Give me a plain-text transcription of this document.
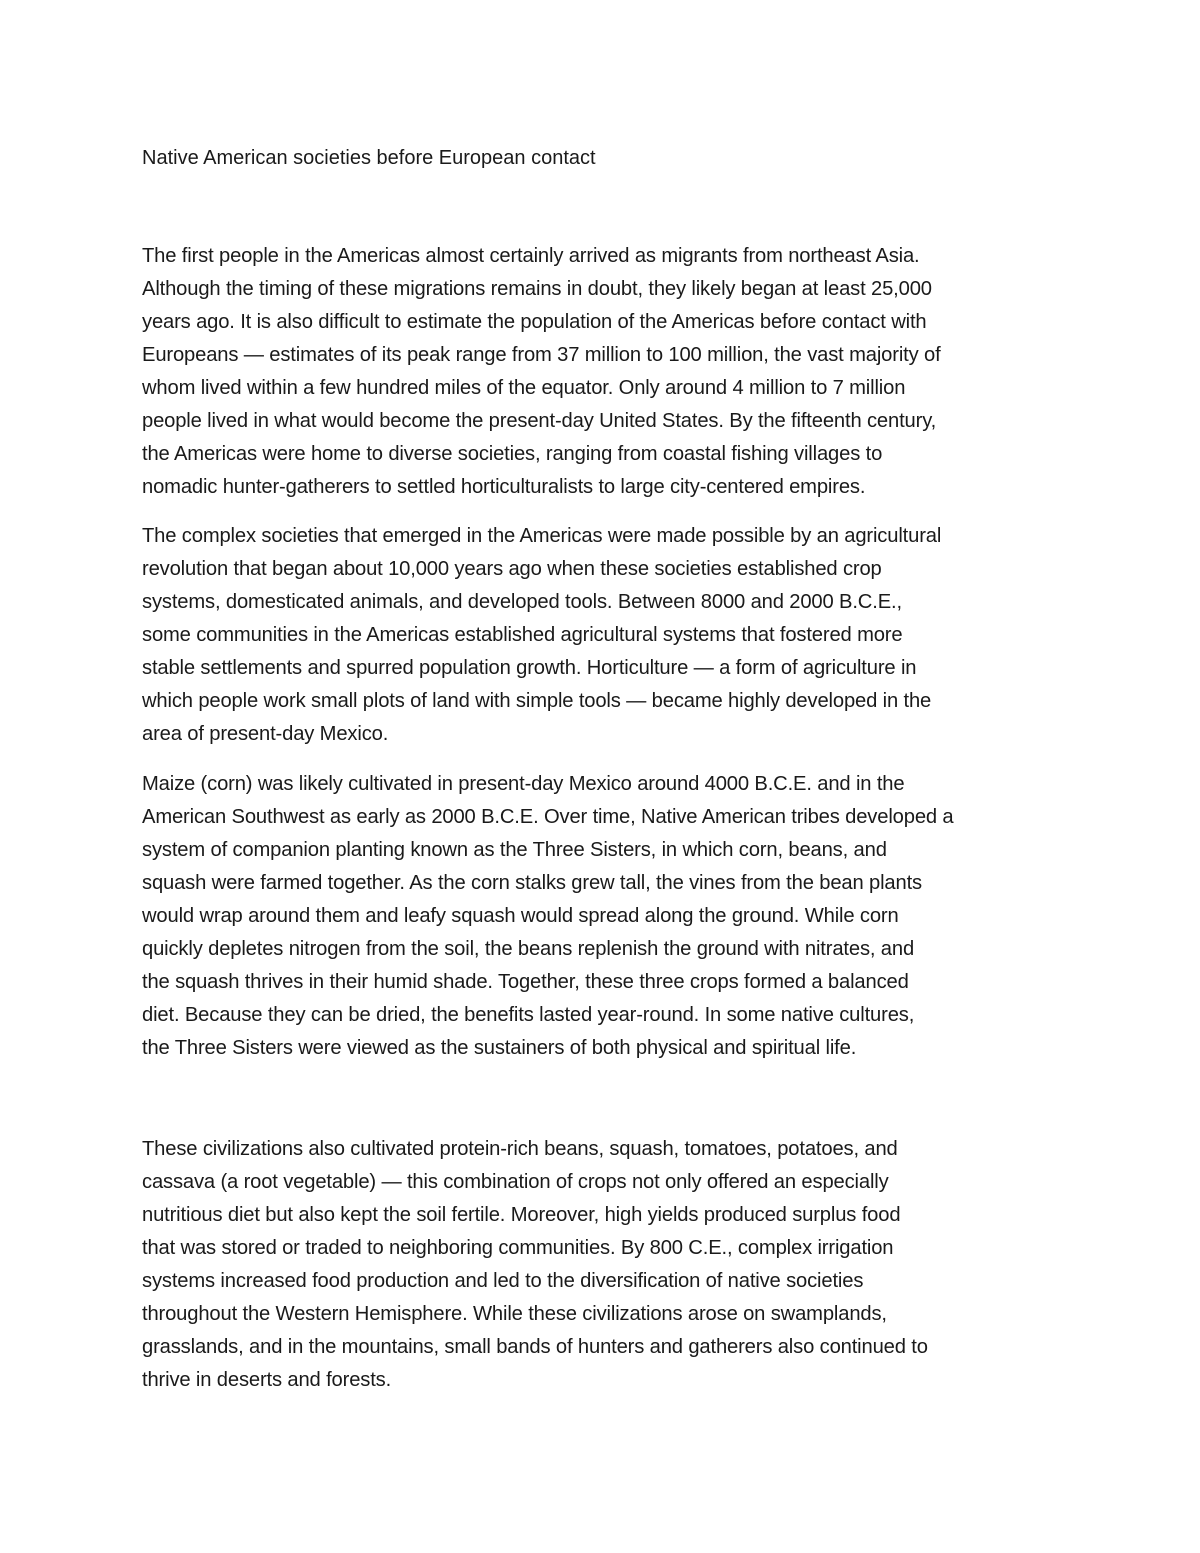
Native American societies before European contact

The first people in the Americas almost certainly arrived as migrants from northeast Asia.
Although the timing of these migrations remains in doubt, they likely began at least 25,000
years ago. It is also difficult to estimate the population of the Americas before contact with
Europeans — estimates of its peak range from 37 million to 100 million, the vast majority of
whom lived within a few hundred miles of the equator. Only around 4 million to 7 million
people lived in what would become the present-day United States. By the fifteenth century,
the Americas were home to diverse societies, ranging from coastal fishing villages to
nomadic hunter-gatherers to settled horticulturalists to large city-centered empires.

The complex societies that emerged in the Americas were made possible by an agricultural
revolution that began about 10,000 years ago when these societies established crop
systems, domesticated animals, and developed tools. Between 8000 and 2000 B.C.E.,
some communities in the Americas established agricultural systems that fostered more
stable settlements and spurred population growth. Horticulture — a form of agriculture in
which people work small plots of land with simple tools — became highly developed in the
area of present-day Mexico.

Maize (corn) was likely cultivated in present-day Mexico around 4000 B.C.E. and in the
American Southwest as early as 2000 B.C.E. Over time, Native American tribes developed a
system of companion planting known as the Three Sisters, in which corn, beans, and
squash were farmed together. As the corn stalks grew tall, the vines from the bean plants
would wrap around them and leafy squash would spread along the ground. While corn
quickly depletes nitrogen from the soil, the beans replenish the ground with nitrates, and
the squash thrives in their humid shade. Together, these three crops formed a balanced
diet. Because they can be dried, the benefits lasted year-round. In some native cultures,
the Three Sisters were viewed as the sustainers of both physical and spiritual life.

These civilizations also cultivated protein-rich beans, squash, tomatoes, potatoes, and
cassava (a root vegetable) — this combination of crops not only offered an especially
nutritious diet but also kept the soil fertile. Moreover, high yields produced surplus food
that was stored or traded to neighboring communities. By 800 C.E., complex irrigation
systems increased food production and led to the diversification of native societies
throughout the Western Hemisphere. While these civilizations arose on swamplands,
grasslands, and in the mountains, small bands of hunters and gatherers also continued to
thrive in deserts and forests.
